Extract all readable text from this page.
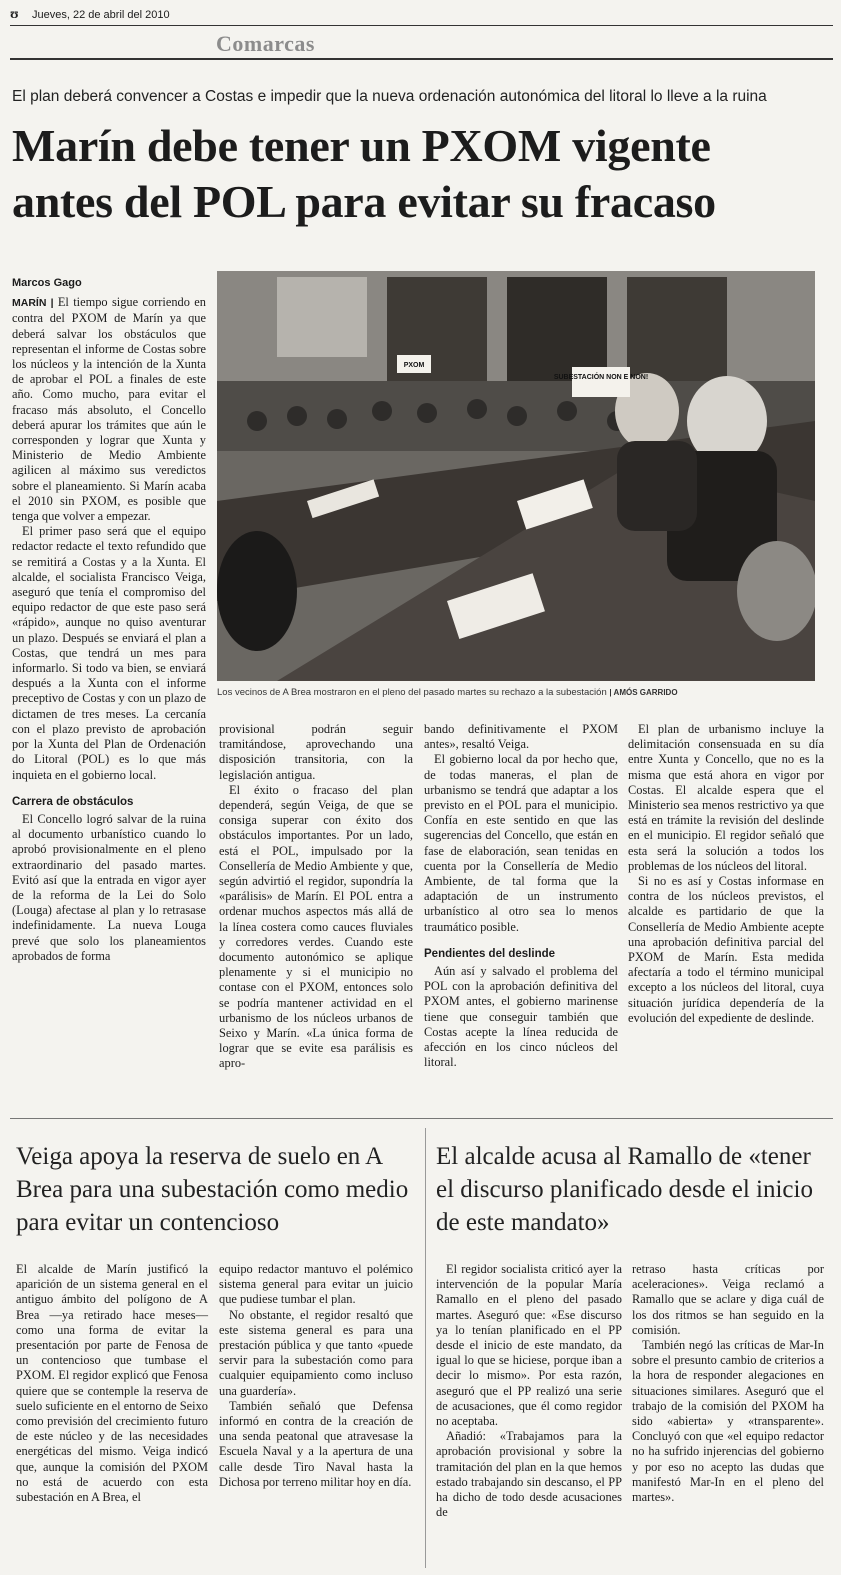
ʊ Jueves, 22 de abril del 2010
Comarcas
El plan deberá convencer a Costas e impedir que la nueva ordenación autonómica del litoral lo lleve a la ruina
Marín debe tener un PXOM vigente antes del POL para evitar su fracaso
Marcos Gago

MARÍN | El tiempo sigue corriendo en contra del PXOM de Marín ya que deberá salvar los obstáculos que representan el informe de Costas sobre los núcleos y la intención de la Xunta de aprobar el POL a finales de este año. Como mucho, para evitar el fracaso más absoluto, el Concello deberá apurar los trámites que aún le corresponden y lograr que Xunta y Ministerio de Medio Ambiente agilicen al máximo sus veredictos sobre el planeamiento. Si Marín acaba el 2010 sin PXOM, es posible que tenga que volver a empezar.

El primer paso será que el equipo redactor redacte el texto refundido que se remitirá a Costas y a la Xunta. El alcalde, el socialista Francisco Veiga, aseguró que tenía el compromiso del equipo redactor de que este paso será «rápido», aunque no quiso aventurar un plazo. Después se enviará el plan a Costas, que tendrá un mes para informarlo. Si todo va bien, se enviará después a la Xunta con el informe preceptivo de Costas y con un plazo de dictamen de tres meses. La cercanía con el plazo previsto de aprobación por la Xunta del Plan de Ordenación do Litoral (POL) es lo que más inquieta en el gobierno local.

Carrera de obstáculos

El Concello logró salvar de la ruina al documento urbanístico cuando lo aprobó provisionalmente en el pleno extraordinario del pasado martes. Evitó así que la entrada en vigor ayer de la reforma de la Lei do Solo (Louga) afectase al plan y lo retrasase indefinidamente. La nueva Louga prevé que solo los planeamientos aprobados de forma

SUBESTACIÓN NON E NON!
PXOM
Los vecinos de A Brea mostraron en el pleno del pasado martes su rechazo a la subestación | AMÓS GARRIDO

provisional podrán seguir tramitándose, aprovechando una disposición transitoria, con la legislación antigua.

El éxito o fracaso del plan dependerá, según Veiga, de que se consiga superar con éxito dos obstáculos importantes. Por un lado, está el POL, impulsado por la Consellería de Medio Ambiente y que, según advirtió el regidor, supondría la «parálisis» de Marín. El POL entra a ordenar muchos aspectos más allá de la línea costera como cauces fluviales y corredores verdes. Cuando este documento autonómico se aplique plenamente y si el municipio no contase con el PXOM, entonces solo se podría mantener actividad en el urbanismo de los núcleos urbanos de Seixo y Marín. «La única forma de lograr que se evite esa parálisis es apro-

bando definitivamente el PXOM antes», resaltó Veiga.

El gobierno local da por hecho que, de todas maneras, el plan de urbanismo se tendrá que adaptar a los previsto en el POL para el municipio. Confía en este sentido en que las sugerencias del Concello, que están en fase de elaboración, sean tenidas en cuenta por la Consellería de Medio Ambiente, de tal forma que la adaptación de un instrumento urbanístico al otro sea lo menos traumático posible.

Pendientes del deslinde

Aún así y salvado el problema del POL con la aprobación definitiva del PXOM antes, el gobierno marinense tiene que conseguir también que Costas acepte la línea reducida de afección en los cinco núcleos del litoral.

El plan de urbanismo incluye la delimitación consensuada en su día entre Xunta y Concello, que no es la misma que está ahora en vigor por Costas. El alcalde espera que el Ministerio sea menos restrictivo ya que está en trámite la revisión del deslinde en el municipio. El regidor señaló que esta será la solución a todos los problemas de los núcleos del litoral.

Si no es así y Costas informase en contra de los núcleos previstos, el alcalde es partidario de que la Consellería de Medio Ambiente acepte una aprobación definitiva parcial del PXOM de Marín. Esta medida afectaría a todo el término municipal excepto a los núcleos del litoral, cuya situación jurídica dependería de la evolución del expediente de deslinde.

Veiga apoya la reserva de suelo en A Brea para una subestación como medio para evitar un contencioso

El alcalde de Marín justificó la aparición de un sistema general en el antiguo ámbito del polígono de A Brea —ya retirado hace meses— como una forma de evitar la presentación por parte de Fenosa de un contencioso que tumbase el PXOM. El regidor explicó que Fenosa quiere que se contemple la reserva de suelo suficiente en el entorno de Seixo como previsión del crecimiento futuro de este núcleo y de las necesidades energéticas del mismo. Veiga indicó que, aunque la comisión del PXOM no está de acuerdo con esta subestación en A Brea, el

equipo redactor mantuvo el polémico sistema general para evitar un juicio que pudiese tumbar el plan.

No obstante, el regidor resaltó que este sistema general es para una prestación pública y que tanto «puede servir para la subestación como para cualquier equipamiento como incluso una guardería».

También señaló que Defensa informó en contra de la creación de una senda peatonal que atravesase la Escuela Naval y a la apertura de una calle desde Tiro Naval hasta la Dichosa por terreno militar hoy en día.

El alcalde acusa al Ramallo de «tener el discurso planificado desde el inicio de este mandato»

El regidor socialista criticó ayer la intervención de la popular María Ramallo en el pleno del pasado martes. Aseguró que: «Ese discurso ya lo tenían planificado en el PP desde el inicio de este mandato, da igual lo que se hiciese, porque iban a decir lo mismo». Por esta razón, aseguró que el PP realizó una serie de acusaciones, que él como regidor no aceptaba.

Añadió: «Trabajamos para la aprobación provisional y sobre la tramitación del plan en la que hemos estado trabajando sin descanso, el PP ha dicho de todo desde acusaciones de

retraso hasta críticas por aceleraciones». Veiga reclamó a Ramallo que se aclare y diga cuál de los dos ritmos se han seguido en la comisión.

También negó las críticas de Mar-In sobre el presunto cambio de criterios a la hora de responder alegaciones en situaciones similares. Aseguró que el trabajo de la comisión del PXOM ha sido «abierta» y «transparente». Concluyó con que «el equipo redactor no ha sufrido injerencias del gobierno y por eso no acepto las dudas que manifestó Mar-In en el pleno del martes».
